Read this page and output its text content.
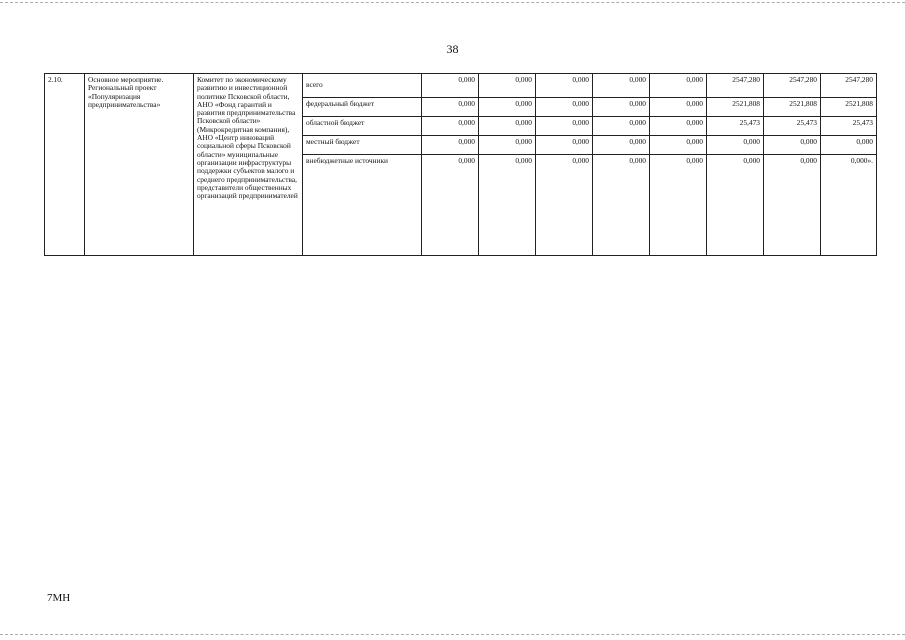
38
2.10.	Основное мероприятие. Региональный проект «Популяризация предпринимательства»	Комитет по экономическому развитию и инвестиционной политике Псковской области, АНО «Фонд гарантий и развития предпринимательства Псковской области» (Микрокредитная компания), АНО «Центр инноваций социальной сферы Псковской области» муниципальные организации инфраструктуры поддержки субъектов малого и среднего предпринимательства, представители общественных организаций предпринимателей	всего	0,000	0,000	0,000	0,000	0,000	2547,280	2547,280	2547,280
			федеральный бюджет	0,000	0,000	0,000	0,000	0,000	2521,808	2521,808	2521,808
			областной бюджет	0,000	0,000	0,000	0,000	0,000	25,473	25,473	25,473
			местный бюджет	0,000	0,000	0,000	0,000	0,000	0,000	0,000	0,000
			внебюджетные источники	0,000	0,000	0,000	0,000	0,000	0,000	0,000	0,000».
7MH
